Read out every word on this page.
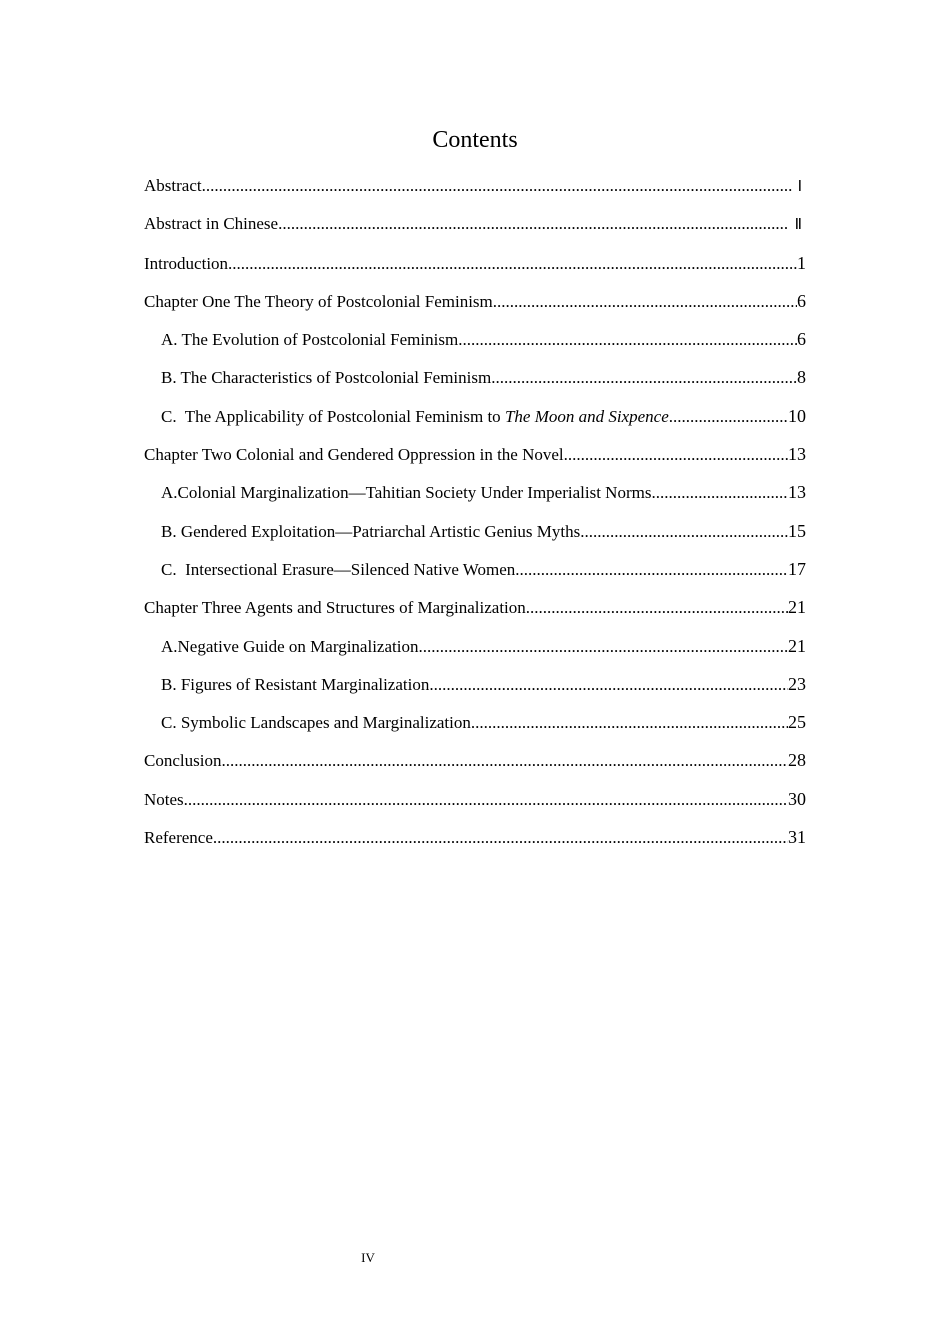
Contents
Abstract .....	Ⅰ
Abstract in Chinese .....	Ⅱ
Introduction .....	1
Chapter One The Theory of Postcolonial Feminism .....	6
A. The Evolution of Postcolonial Feminism .....	6
B. The Characteristics of Postcolonial Feminism .....	8
C.  The Applicability of Postcolonial Feminism to The Moon and Sixpence .....	10
Chapter Two Colonial and Gendered Oppression in the Novel .....	13
A.Colonial Marginalization—Tahitian Society Under Imperialist Norms .....	13
B. Gendered Exploitation—Patriarchal Artistic Genius Myths .....	15
C.  Intersectional Erasure—Silenced Native Women .....	17
Chapter Three Agents and Structures of Marginalization .....	21
A.Negative Guide on Marginalization .....	21
B. Figures of Resistant Marginalization .....	23
C. Symbolic Landscapes and Marginalization .....	25
Conclusion .....	28
Notes .....	30
Reference .....	31
IV
